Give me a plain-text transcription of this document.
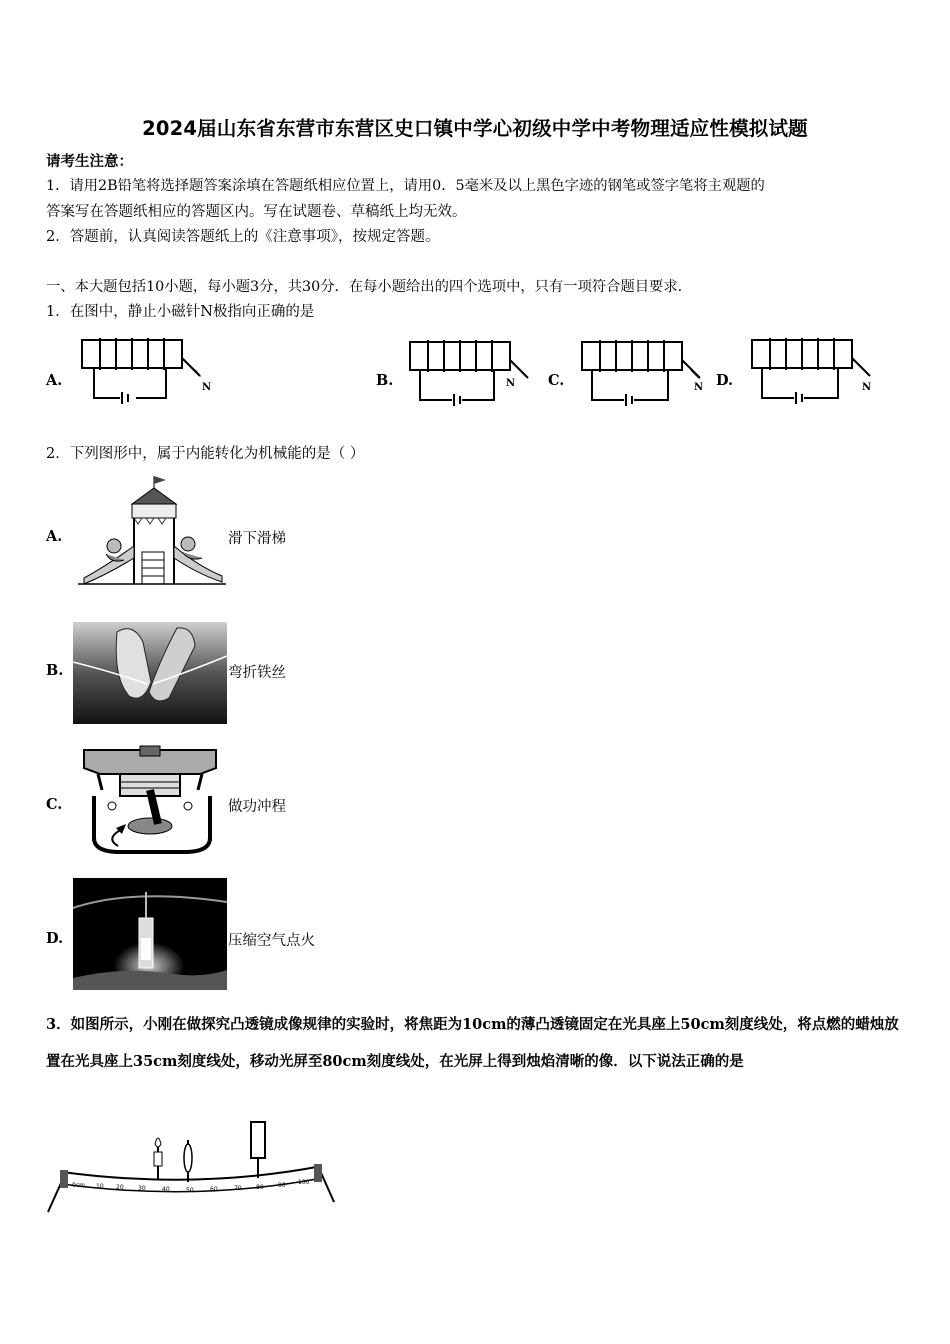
2024届山东省东营市东营区史口镇中学心初级中学中考物理适应性模拟试题
请考生注意：
1．请用2B铅笔将选择题答案涂填在答题纸相应位置上，请用0．5毫米及以上黑色字迹的钢笔或签字笔将主观题的
答案写在答题纸相应的答题区内。写在试题卷、草稿纸上均无效。
2．答题前，认真阅读答题纸上的《注意事项》，按规定答题。
一、本大题包括10小题，每小题3分，共30分．在每小题给出的四个选项中，只有一项符合题目要求．
1．在图中，静止小磁针N极指向正确的是
A.	B.	C.	D.
N	N	N	N
2．下列图形中，属于内能转化为机械能的是（ ）
A.	滑下滑梯
B.	弯折铁丝
C.	做功冲程
D.	压缩空气点火
3．如图所示，小刚在做探究凸透镜成像规律的实验时，将焦距为10cm的薄凸透镜固定在光具座上50cm刻度线处，将点燃的蜡烛放置在光具座上35cm刻度线处，移动光屏至80cm刻度线处，在光屏上得到烛焰清晰的像．以下说法正确的是
0cm 10 20 30	40	50	60	70 80 90 100
